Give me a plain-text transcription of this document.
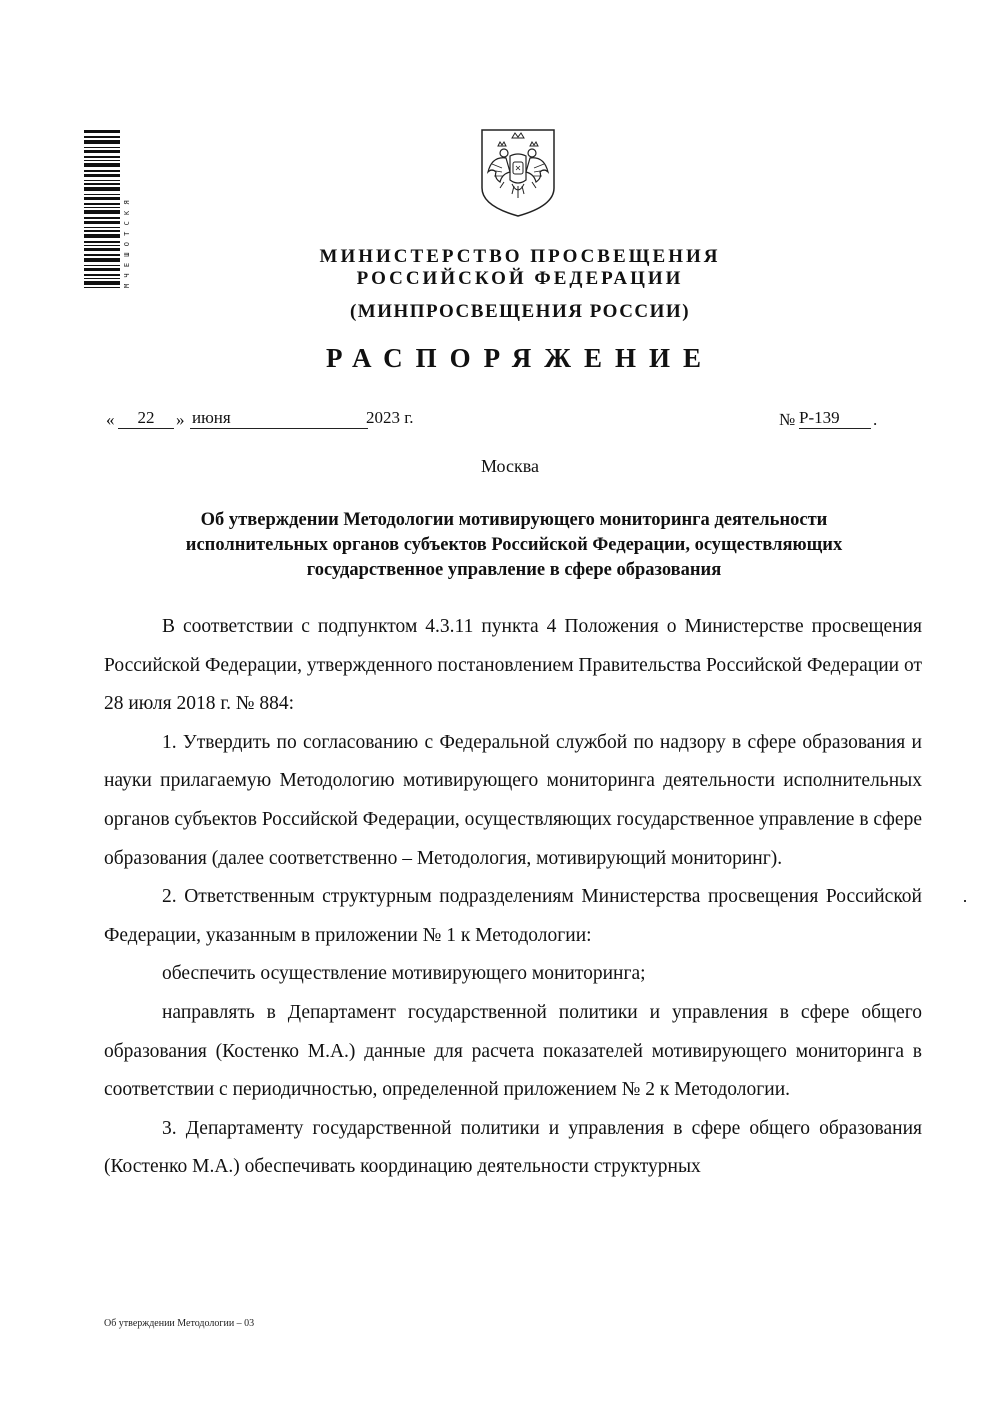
М Ч Е Ш О Т С К Я	МИНИСТЕРСТВО ПРОСВЕЩЕНИЯ
РОССИЙСКОЙ ФЕДЕРАЦИИ
(МИНПРОСВЕЩЕНИЯ РОССИИ)
РАСПОРЯЖЕНИЕ
«	22	» июня	2023 г.	№ Р-139	.
Москва
Об утверждении Методологии мотивирующего мониторинга деятельности
исполнительных органов субъектов Российской Федерации, осуществляющих
государственное управление в сфере образования

В соответствии с подпунктом 4.3.11 пункта 4 Положения о Министерстве просвещения Российской Федерации, утвержденного постановлением Правительства Российской Федерации от 28 июля 2018 г. № 884:

1. Утвердить по согласованию с Федеральной службой по надзору в сфере образования и науки прилагаемую Методологию мотивирующего мониторинга деятельности исполнительных органов субъектов Российской Федерации, осуществляющих государственное управление в сфере образования (далее соответственно – Методология, мотивирующий мониторинг).

2. Ответственным структурным подразделениям Министерства просвещения Российской Федерации, указанным в приложении № 1 к Методологии:

обеспечить осуществление мотивирующего мониторинга;

направлять в Департамент государственной политики и управления в сфере общего образования (Костенко М.А.) данные для расчета показателей мотивирующего мониторинга в соответствии с периодичностью, определенной приложением № 2 к Методологии.

3. Департаменту государственной политики и управления в сфере общего образования (Костенко М.А.) обеспечивать координацию деятельности структурных

Об утверждении Методологии – 03
